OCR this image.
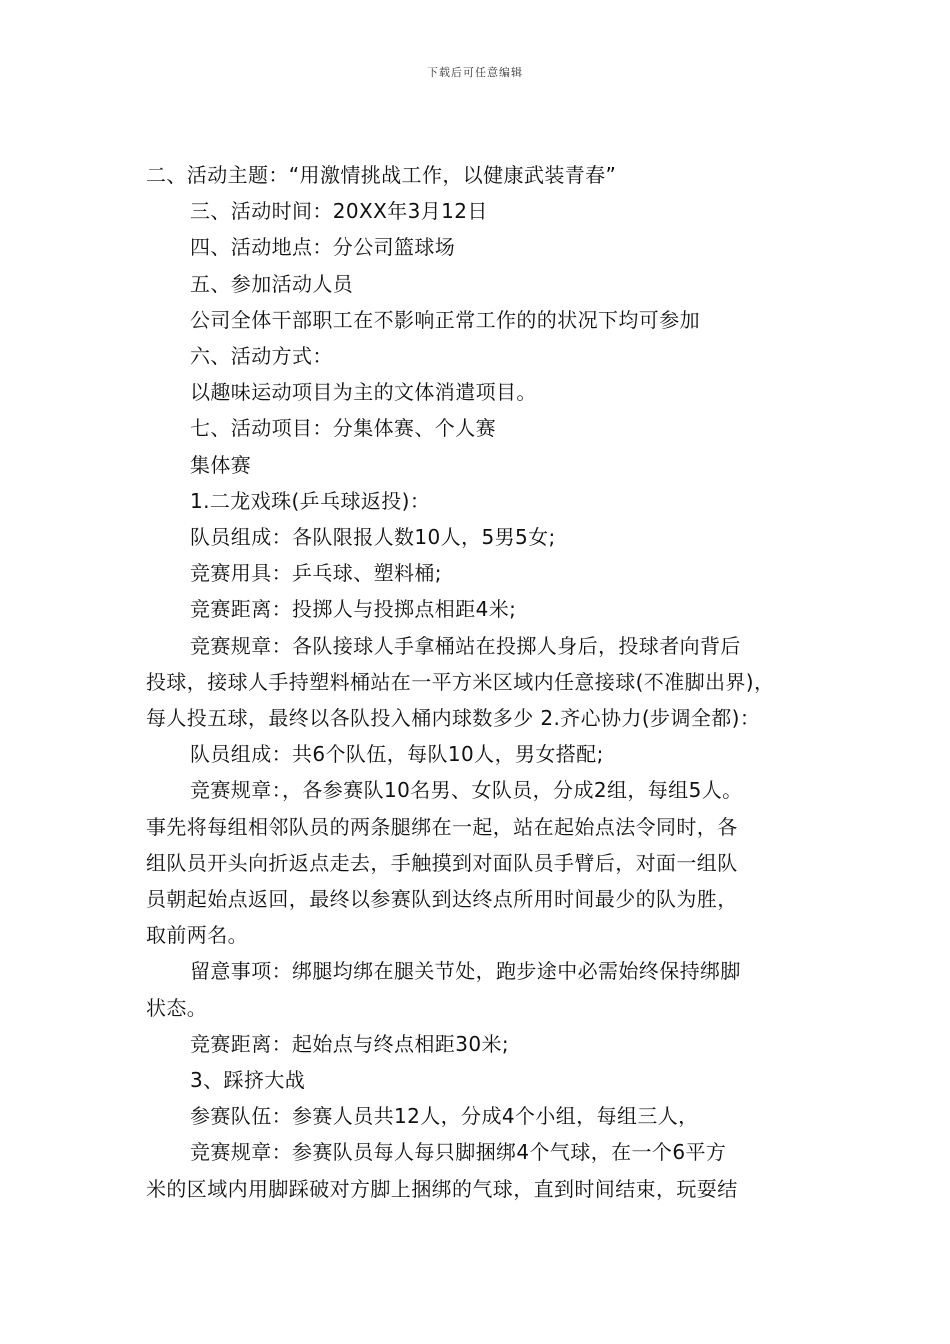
下载后可任意编辑
二、活动主题：“用激情挑战工作，以健康武装青春”
三、活动时间：20XX年3月12日
四、活动地点：分公司篮球场
五、参加活动人员
公司全体干部职工在不影响正常工作的的状况下均可参加
六、活动方式：
以趣味运动项目为主的文体消遣项目。
七、活动项目：分集体赛、个人赛
集体赛
1.二龙戏珠(乒乓球返投)：
队员组成：各队限报人数10人，5男5女;
竞赛用具：乒乓球、塑料桶;
竞赛距离：投掷人与投掷点相距4米;
竞赛规章：各队接球人手拿桶站在投掷人身后，投球者向背后
投球，接球人手持塑料桶站在一平方米区域内任意接球(不准脚出界)，
每人投五球，最终以各队投入桶内球数多少 2.齐心协力(步调全都)：
队员组成：共6个队伍，每队10人，男女搭配;
竞赛规章：，各参赛队10名男、女队员，分成2组，每组5人。
事先将每组相邻队员的两条腿绑在一起，站在起始点法令同时，各
组队员开头向折返点走去，手触摸到对面队员手臂后，对面一组队
员朝起始点返回，最终以参赛队到达终点所用时间最少的队为胜，
取前两名。
留意事项：绑腿均绑在腿关节处，跑步途中必需始终保持绑脚
状态。
竞赛距离：起始点与终点相距30米;
3、踩挤大战
参赛队伍：参赛人员共12人，分成4个小组，每组三人，
竞赛规章：参赛队员每人每只脚捆绑4个气球，在一个6平方
米的区域内用脚踩破对方脚上捆绑的气球，直到时间结束，玩耍结
